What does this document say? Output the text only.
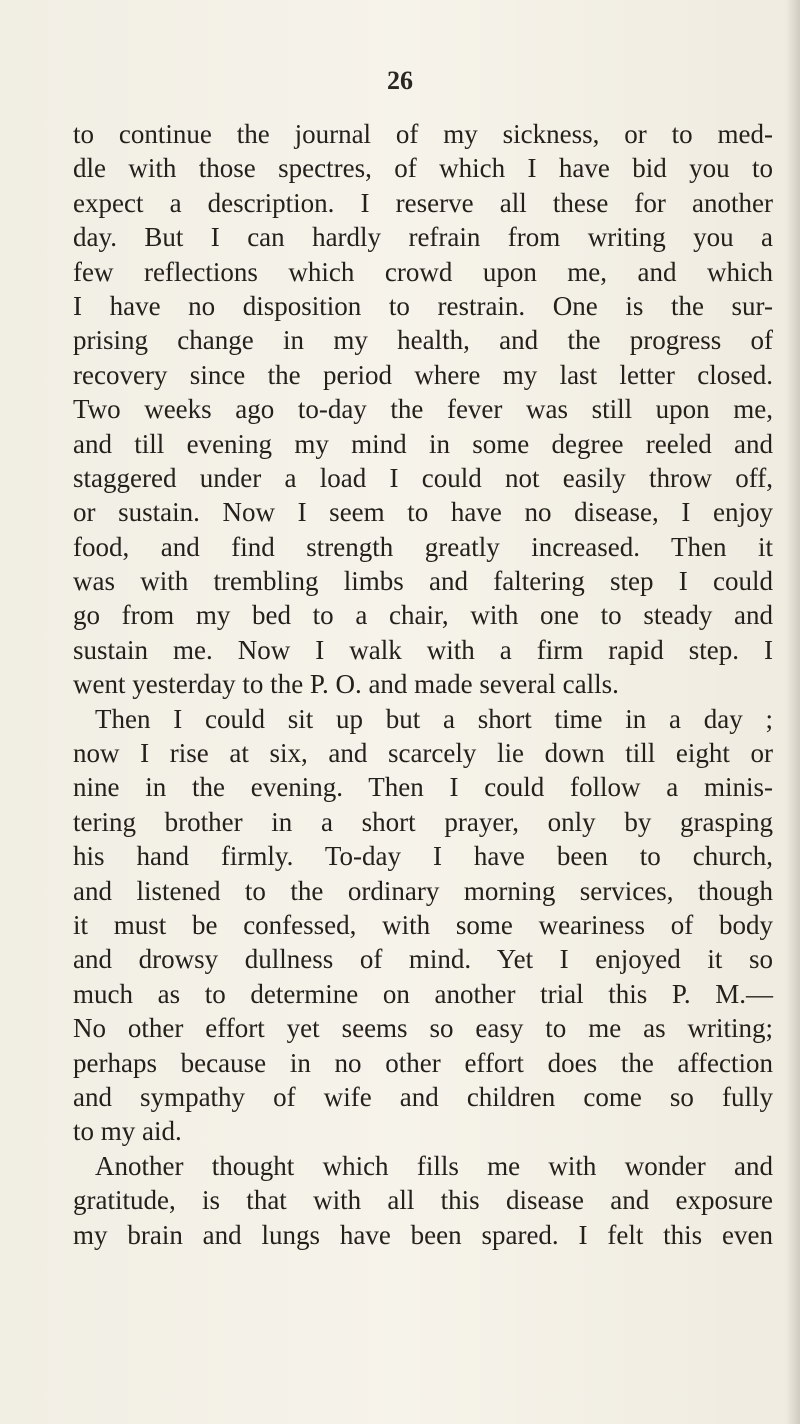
26
to continue the journal of my sickness, or to med-
dle with those spectres, of which I have bid you to
expect a description. I reserve all these for another
day. But I can hardly refrain from writing you a
few reflections which crowd upon me, and which
I have no disposition to restrain. One is the sur-
prising change in my health, and the progress of
recovery since the period where my last letter closed.
Two weeks ago to-day the fever was still upon me,
and till evening my mind in some degree reeled and
staggered under a load I could not easily throw off,
or sustain. Now I seem to have no disease, I enjoy
food, and find strength greatly increased. Then it
was with trembling limbs and faltering step I could
go from my bed to a chair, with one to steady and
sustain me. Now I walk with a firm rapid step. I
went yesterday to the P. O. and made several calls.
Then I could sit up but a short time in a day ;
now I rise at six, and scarcely lie down till eight or
nine in the evening. Then I could follow a minis-
tering brother in a short prayer, only by grasping
his hand firmly. To-day I have been to church,
and listened to the ordinary morning services, though
it must be confessed, with some weariness of body
and drowsy dullness of mind. Yet I enjoyed it so
much as to determine on another trial this P. M.—
No other effort yet seems so easy to me as writing;
perhaps because in no other effort does the affection
and sympathy of wife and children come so fully
to my aid.
Another thought which fills me with wonder and
gratitude, is that with all this disease and exposure
my brain and lungs have been spared. I felt this even
